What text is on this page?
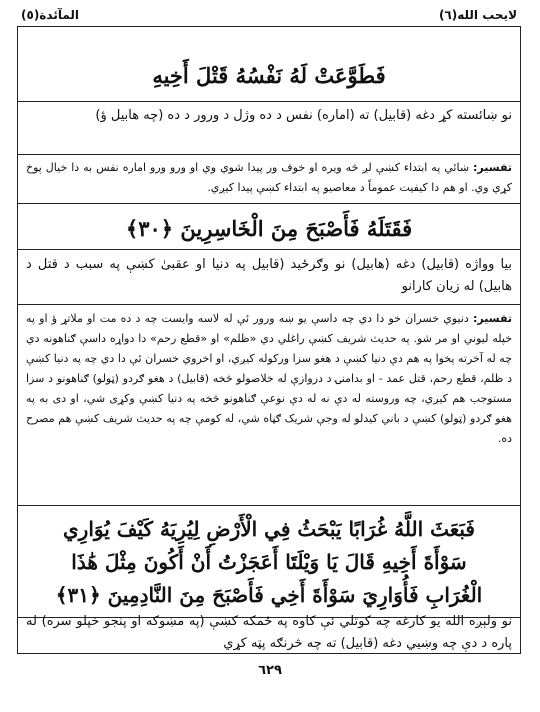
لايحب الله(٦)
المآئدة(٥)
فَطَوَّعَتْ لَهُ نَفْسُهُ قَتْلَ أَخِيهِ
نو ښائسته کړ دغه (قابيل) ته (اماره) نفس د ده وژل د ورور د ده (چه هابيل ؤ)
تفسير: ښائي په ابتداء کښې لږ څه ويره او خوف ور پيدا شوي وي او ورو ورو اماره نفس به دا خيال پوخ کړي وي. او هم دا کيفيت عموماً د معاصيو په ابتداء کښې پيدا کيږي.
فَقَتَلَهُ فَأَصْبَحَ مِنَ الْخَاسِرِينَ ﴿٣٠﴾
بيا وواژه (قابيل) دغه (هابيل) نو وګرځيد (قابيل په دنيا او عقبیٰ کښې په سبب د قتل د هابيل) له زيان کارانو
تفسير: دنيوي خسران خو دا دي چه داسې يو ښه ورور ئې له لاسه وايست چه د ده مت او ملاتړ ؤ او په خپله ليوني او مر شو. په حديث شريف کښې راغلي دي «ظلم» او «قطع رحم» دا دواړه داسې ګناهونه دي چه له آخرته پخوا په هم دې دنيا کښې د هغو سزا ورکوله کيږي، او اخروي خسران ئې دا دي چه په دنيا کښې د ظلم، قطع رحم، قتل عمد - او بدامنۍ د دروازې له خلاصولو څخه (قابيل) د هغو ګردو (ټولو) ګناهونو د سزا مستوجب هم کيږي، چه وروسته له دې نه له دې نوعې ګناهونو څخه په دنيا کښې وکړی شي، او دی به په هغو ګردو (ټولو) کښې د باني کيدلو له وجې شريک ګڼاه شي، له کومې چه په حديث شريف کښې هم مصرح ده.
فَبَعَثَ اللَّهُ غُرَابًا يَبْحَثُ فِي الْأَرْضِ لِيُرِيَهُ كَيْفَ يُوَارِي
سَوْأَةَ أَخِيهِ قَالَ يَا وَيْلَتَا أَعَجَزْتُ أَنْ أَكُونَ مِثْلَ هَٰذَا
الْغُرَابِ فَأُوَارِيَ سَوْأَةَ أَخِي فَأَصْبَحَ مِنَ النَّادِمِينَ ﴿٣١﴾
نو ولېږه الله يو کارغه چه کوتلي ئې کاوه په ځمکه کښې (په مښوکه او پنجو خپلو سره) له پاره د دې چه وښيي دغه (قابيل) ته چه څرنګه پټه کړي
٦٢٩
